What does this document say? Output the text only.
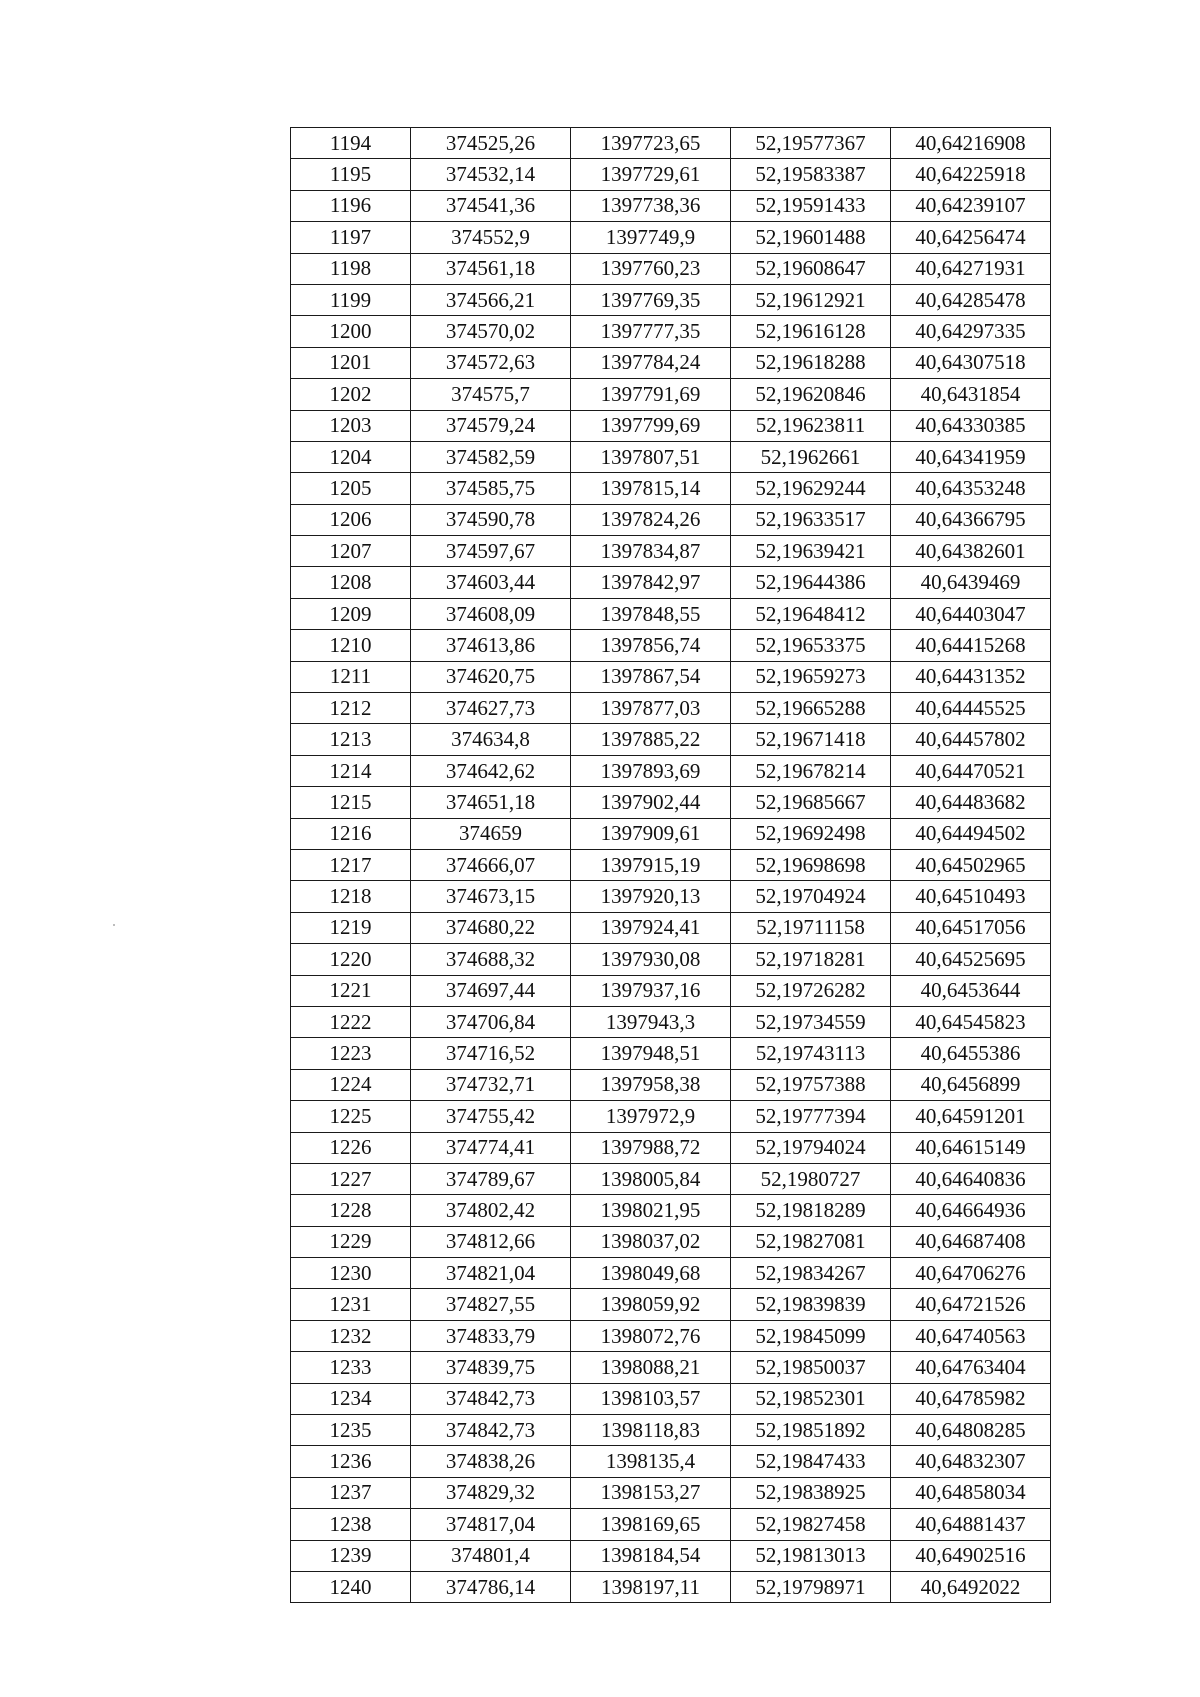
1194	374525,26	1397723,65	52,19577367	40,64216908
1195	374532,14	1397729,61	52,19583387	40,64225918
1196	374541,36	1397738,36	52,19591433	40,64239107
1197	374552,9	1397749,9	52,19601488	40,64256474
1198	374561,18	1397760,23	52,19608647	40,64271931
1199	374566,21	1397769,35	52,19612921	40,64285478
1200	374570,02	1397777,35	52,19616128	40,64297335
1201	374572,63	1397784,24	52,19618288	40,64307518
1202	374575,7	1397791,69	52,19620846	40,6431854
1203	374579,24	1397799,69	52,19623811	40,64330385
1204	374582,59	1397807,51	52,1962661	40,64341959
1205	374585,75	1397815,14	52,19629244	40,64353248
1206	374590,78	1397824,26	52,19633517	40,64366795
1207	374597,67	1397834,87	52,19639421	40,64382601
1208	374603,44	1397842,97	52,19644386	40,6439469
1209	374608,09	1397848,55	52,19648412	40,64403047
1210	374613,86	1397856,74	52,19653375	40,64415268
1211	374620,75	1397867,54	52,19659273	40,64431352
1212	374627,73	1397877,03	52,19665288	40,64445525
1213	374634,8	1397885,22	52,19671418	40,64457802
1214	374642,62	1397893,69	52,19678214	40,64470521
1215	374651,18	1397902,44	52,19685667	40,64483682
1216	374659	1397909,61	52,19692498	40,64494502
1217	374666,07	1397915,19	52,19698698	40,64502965
1218	374673,15	1397920,13	52,19704924	40,64510493
1219	374680,22	1397924,41	52,19711158	40,64517056
1220	374688,32	1397930,08	52,19718281	40,64525695
1221	374697,44	1397937,16	52,19726282	40,6453644
1222	374706,84	1397943,3	52,19734559	40,64545823
1223	374716,52	1397948,51	52,19743113	40,6455386
1224	374732,71	1397958,38	52,19757388	40,6456899
1225	374755,42	1397972,9	52,19777394	40,64591201
1226	374774,41	1397988,72	52,19794024	40,64615149
1227	374789,67	1398005,84	52,1980727	40,64640836
1228	374802,42	1398021,95	52,19818289	40,64664936
1229	374812,66	1398037,02	52,19827081	40,64687408
1230	374821,04	1398049,68	52,19834267	40,64706276
1231	374827,55	1398059,92	52,19839839	40,64721526
1232	374833,79	1398072,76	52,19845099	40,64740563
1233	374839,75	1398088,21	52,19850037	40,64763404
1234	374842,73	1398103,57	52,19852301	40,64785982
1235	374842,73	1398118,83	52,19851892	40,64808285
1236	374838,26	1398135,4	52,19847433	40,64832307
1237	374829,32	1398153,27	52,19838925	40,64858034
1238	374817,04	1398169,65	52,19827458	40,64881437
1239	374801,4	1398184,54	52,19813013	40,64902516
1240	374786,14	1398197,11	52,19798971	40,6492022
